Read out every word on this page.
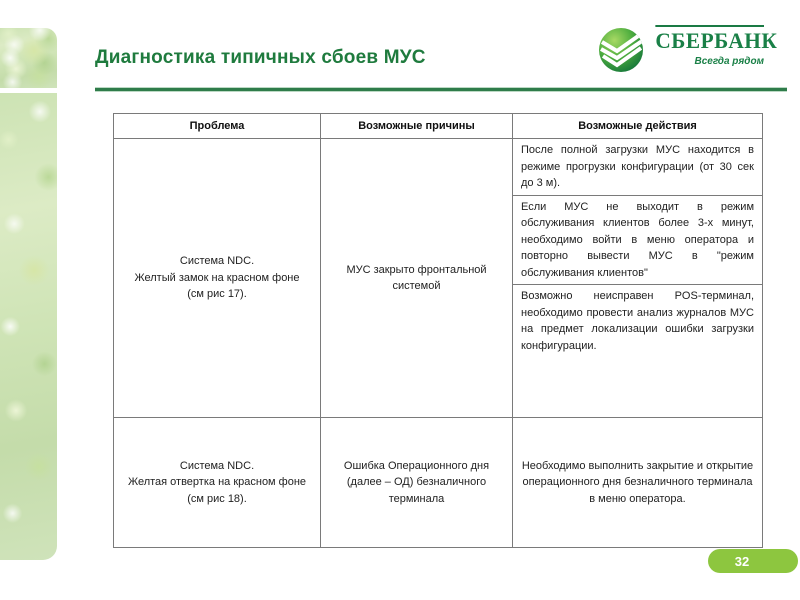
Диагностика типичных сбоев МУС
СБЕРБАНК
Всегда рядом
Проблема	Возможные причины	Возможные действия

Система NDC.
Желтый замок на красном фоне
(см рис 17).	МУС закрыто фронтальной системой	После полной загрузки МУС находится в режиме прогрузки конфигурации (от 30 сек до 3 м).
		Если МУС не выходит в режим обслуживания клиентов более 3-х минут, необходимо войти в меню оператора и повторно вывести МУС в "режим обслуживания клиентов"
		Возможно неисправен POS-терминал, необходимо провести анализ журналов МУС на предмет локализации ошибки загрузки конфигурации.

Система NDC.
Желтая отвертка на красном фоне
(см рис 18).	Ошибка Операционного дня (далее – ОД) безналичного терминала	Необходимо выполнить закрытие и открытие операционного дня безналичного терминала в меню оператора.
32
